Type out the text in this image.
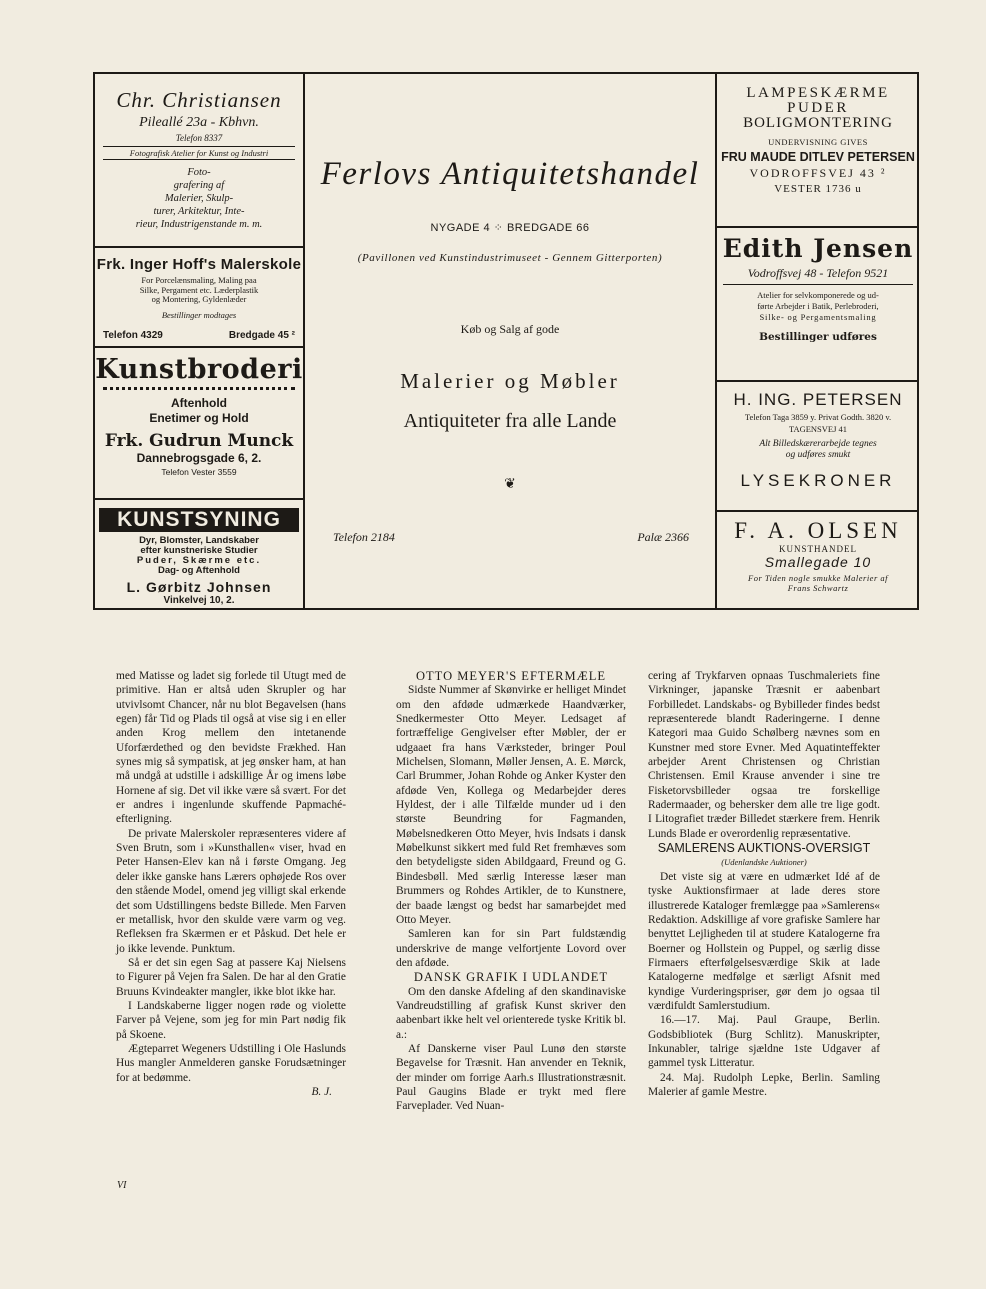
Chr. Christiansen
Pileallé 23a - Kbhvn.
Telefon 8337
Fotografisk Atelier for Kunst og Industri
Foto-
grafering af
Malerier, Skulp-
turer, Arkitektur, Inte-
rieur, Industrigenstande m. m.
Frk. Inger Hoff's Malerskole
For Porcelænsmaling, Maling paa
Silke, Pergament etc. Læderplastik
og Montering, Gyldenlæder
Bestillinger modtages
Telefon 4329	Bredgade 45 ²
Kunstbroderi
Aftenhold
Enetimer og Hold
Frk. Gudrun Munck
Dannebrogsgade 6, 2.
Telefon Vester 3559
KUNSTSYNING
Dyr, Blomster, Landskaber
efter kunstneriske Studier
Puder, Skærme etc.
Dag- og Aftenhold
L. Gørbitz Johnsen
Vinkelvej 10, 2.
Ferlovs Antiquitetshandel
NYGADE 4 ⁘ BREDGADE 66
(Pavillonen ved Kunstindustrimuseet - Gennem Gitterporten)
Køb og Salg af gode
Malerier og Møbler
Antiquiteter fra alle Lande
❦
Telefon 2184	Palæ 2366
LAMPESKÆRME
PUDER
BOLIGMONTERING
UNDERVISNING GIVES
FRU MAUDE DITLEV PETERSEN
VODROFFSVEJ 43 ²
VESTER 1736 u
Edith Jensen
Vodroffsvej 48 - Telefon 9521
Atelier for selvkomponerede og ud-
førte Arbejder i Batik, Perlebroderi,
Silke- og Pergamentsmaling
Bestillinger udføres
H. ING. PETERSEN
Telefon Taga 3859 y. Privat Godth. 3820 v.
TAGENSVEJ 41
Alt Billedskærerarbejde tegnes
og udføres smukt
LYSEKRONER
F. A. OLSEN
KUNSTHANDEL
Smallegade 10
For Tiden nogle smukke Malerier af
Frans Schwartz

med Matisse og ladet sig forlede til Utugt med de primitive. Han er altså uden Skrupler og har utvivlsomt Chancer, når nu blot Begavelsen (hans egen) får Tid og Plads til også at vise sig i en eller anden Krog mellem den intetanende Uforfærdethed og den bevidste Frækhed. Han synes mig så sympatisk, at jeg ønsker ham, at han må undgå at udstille i adskillige År og imens løbe Hornene af sig. Det vil ikke være så svært. For det er andres i ingenlunde skuffende Papmaché-efterligning.

De private Malerskoler repræsenteres videre af Sven Brutn, som i »Kunsthallen« viser, hvad en Peter Hansen-Elev kan nå i første Omgang. Jeg deler ikke ganske hans Lærers ophøjede Ros over den stående Model, omend jeg villigt skal erkende det som Udstillingens bedste Billede. Men Farven er metallisk, hvor den skulde være varm og veg. Refleksen fra Skærmen er et Påskud. Det hele er jo ikke levende. Punktum.

Så er det sin egen Sag at passere Kaj Nielsens to Figurer på Vejen fra Salen. De har al den Gratie Bruuns Kvindeakter mangler, ikke blot ikke har.

I Landskaberne ligger nogen røde og violette Farver på Vejene, som jeg for min Part nødig fik på Skoene.

Ægteparret Wegeners Udstilling i Ole Haslunds Hus mangler Anmelderen ganske Forudsætninger for at bedømme.

B. J.

OTTO MEYER'S EFTERMÆLE

Sidste Nummer af Skønvirke er helliget Mindet om den afdøde udmærkede Haandværker, Snedkermester Otto Meyer. Ledsaget af fortræffelige Gengivelser efter Møbler, der er udgaaet fra hans Værksteder, bringer Poul Michelsen, Slomann, Møller Jensen, A. E. Mørck, Carl Brummer, Johan Rohde og Anker Kyster den afdøde Ven, Kollega og Medarbejder deres Hyldest, der i alle Tilfælde munder ud i den største Beundring for Fagmanden, Møbelsnedkeren Otto Meyer, hvis Indsats i dansk Møbelkunst sikkert med fuld Ret fremhæves som den betydeligste siden Abildgaard, Freund og G. Bindesbøll. Med særlig Interesse læser man Brummers og Rohdes Artikler, de to Kunstnere, der baade længst og bedst har samarbejdet med Otto Meyer.

Samleren kan for sin Part fuldstændig underskrive de mange velfortjente Lovord over den afdøde.

DANSK GRAFIK I UDLANDET

Om den danske Afdeling af den skandinaviske Vandreudstilling af grafisk Kunst skriver den aabenbart ikke helt vel orienterede tyske Kritik bl. a.:

Af Danskerne viser Paul Lunø den største Begavelse for Træsnit. Han anvender en Teknik, der minder om forrige Aarh.s Illustrationstræsnit. Paul Gaugins Blade er trykt med flere Farveplader. Ved Nuan-

cering af Trykfarven opnaas Tuschmaleriets fine Virkninger, japanske Træsnit er aabenbart Forbilledet. Landskabs- og Bybilleder findes bedst repræsenterede blandt Raderingerne. I denne Kategori maa Guido Schølberg nævnes som en Kunstner med store Evner. Med Aquatinteffekter arbejder Arent Christensen og Christian Christensen. Emil Krause anvender i sine tre Fisketorvsbilleder ogsaa tre forskellige Radermaader, og behersker dem alle tre lige godt. I Litografiet træder Billedet stærkere frem. Henrik Lunds Blade er overordenlig repræsentative.

SAMLERENS AUKTIONS-OVERSIGT

(Udenlandske Auktioner)

Det viste sig at være en udmærket Idé af de tyske Auktionsfirmaer at lade deres store illustrerede Kataloger fremlægge paa »Samlerens« Redaktion. Adskillige af vore grafiske Samlere har benyttet Lejligheden til at studere Katalogerne fra Boerner og Hollstein og Puppel, og særlig disse Firmaers efterfølgelsesværdige Skik at lade Katalogerne medfølge et særligt Afsnit med kyndige Vurderingspriser, gør dem jo ogsaa til værdifuldt Samlerstudium.

16.—17. Maj. Paul Graupe, Berlin. Godsbibliotek (Burg Schlitz). Manuskripter, Inkunabler, talrige sjældne 1ste Udgaver af gammel tysk Litteratur.

24. Maj. Rudolph Lepke, Berlin. Samling Malerier af gamle Mestre.

VI
